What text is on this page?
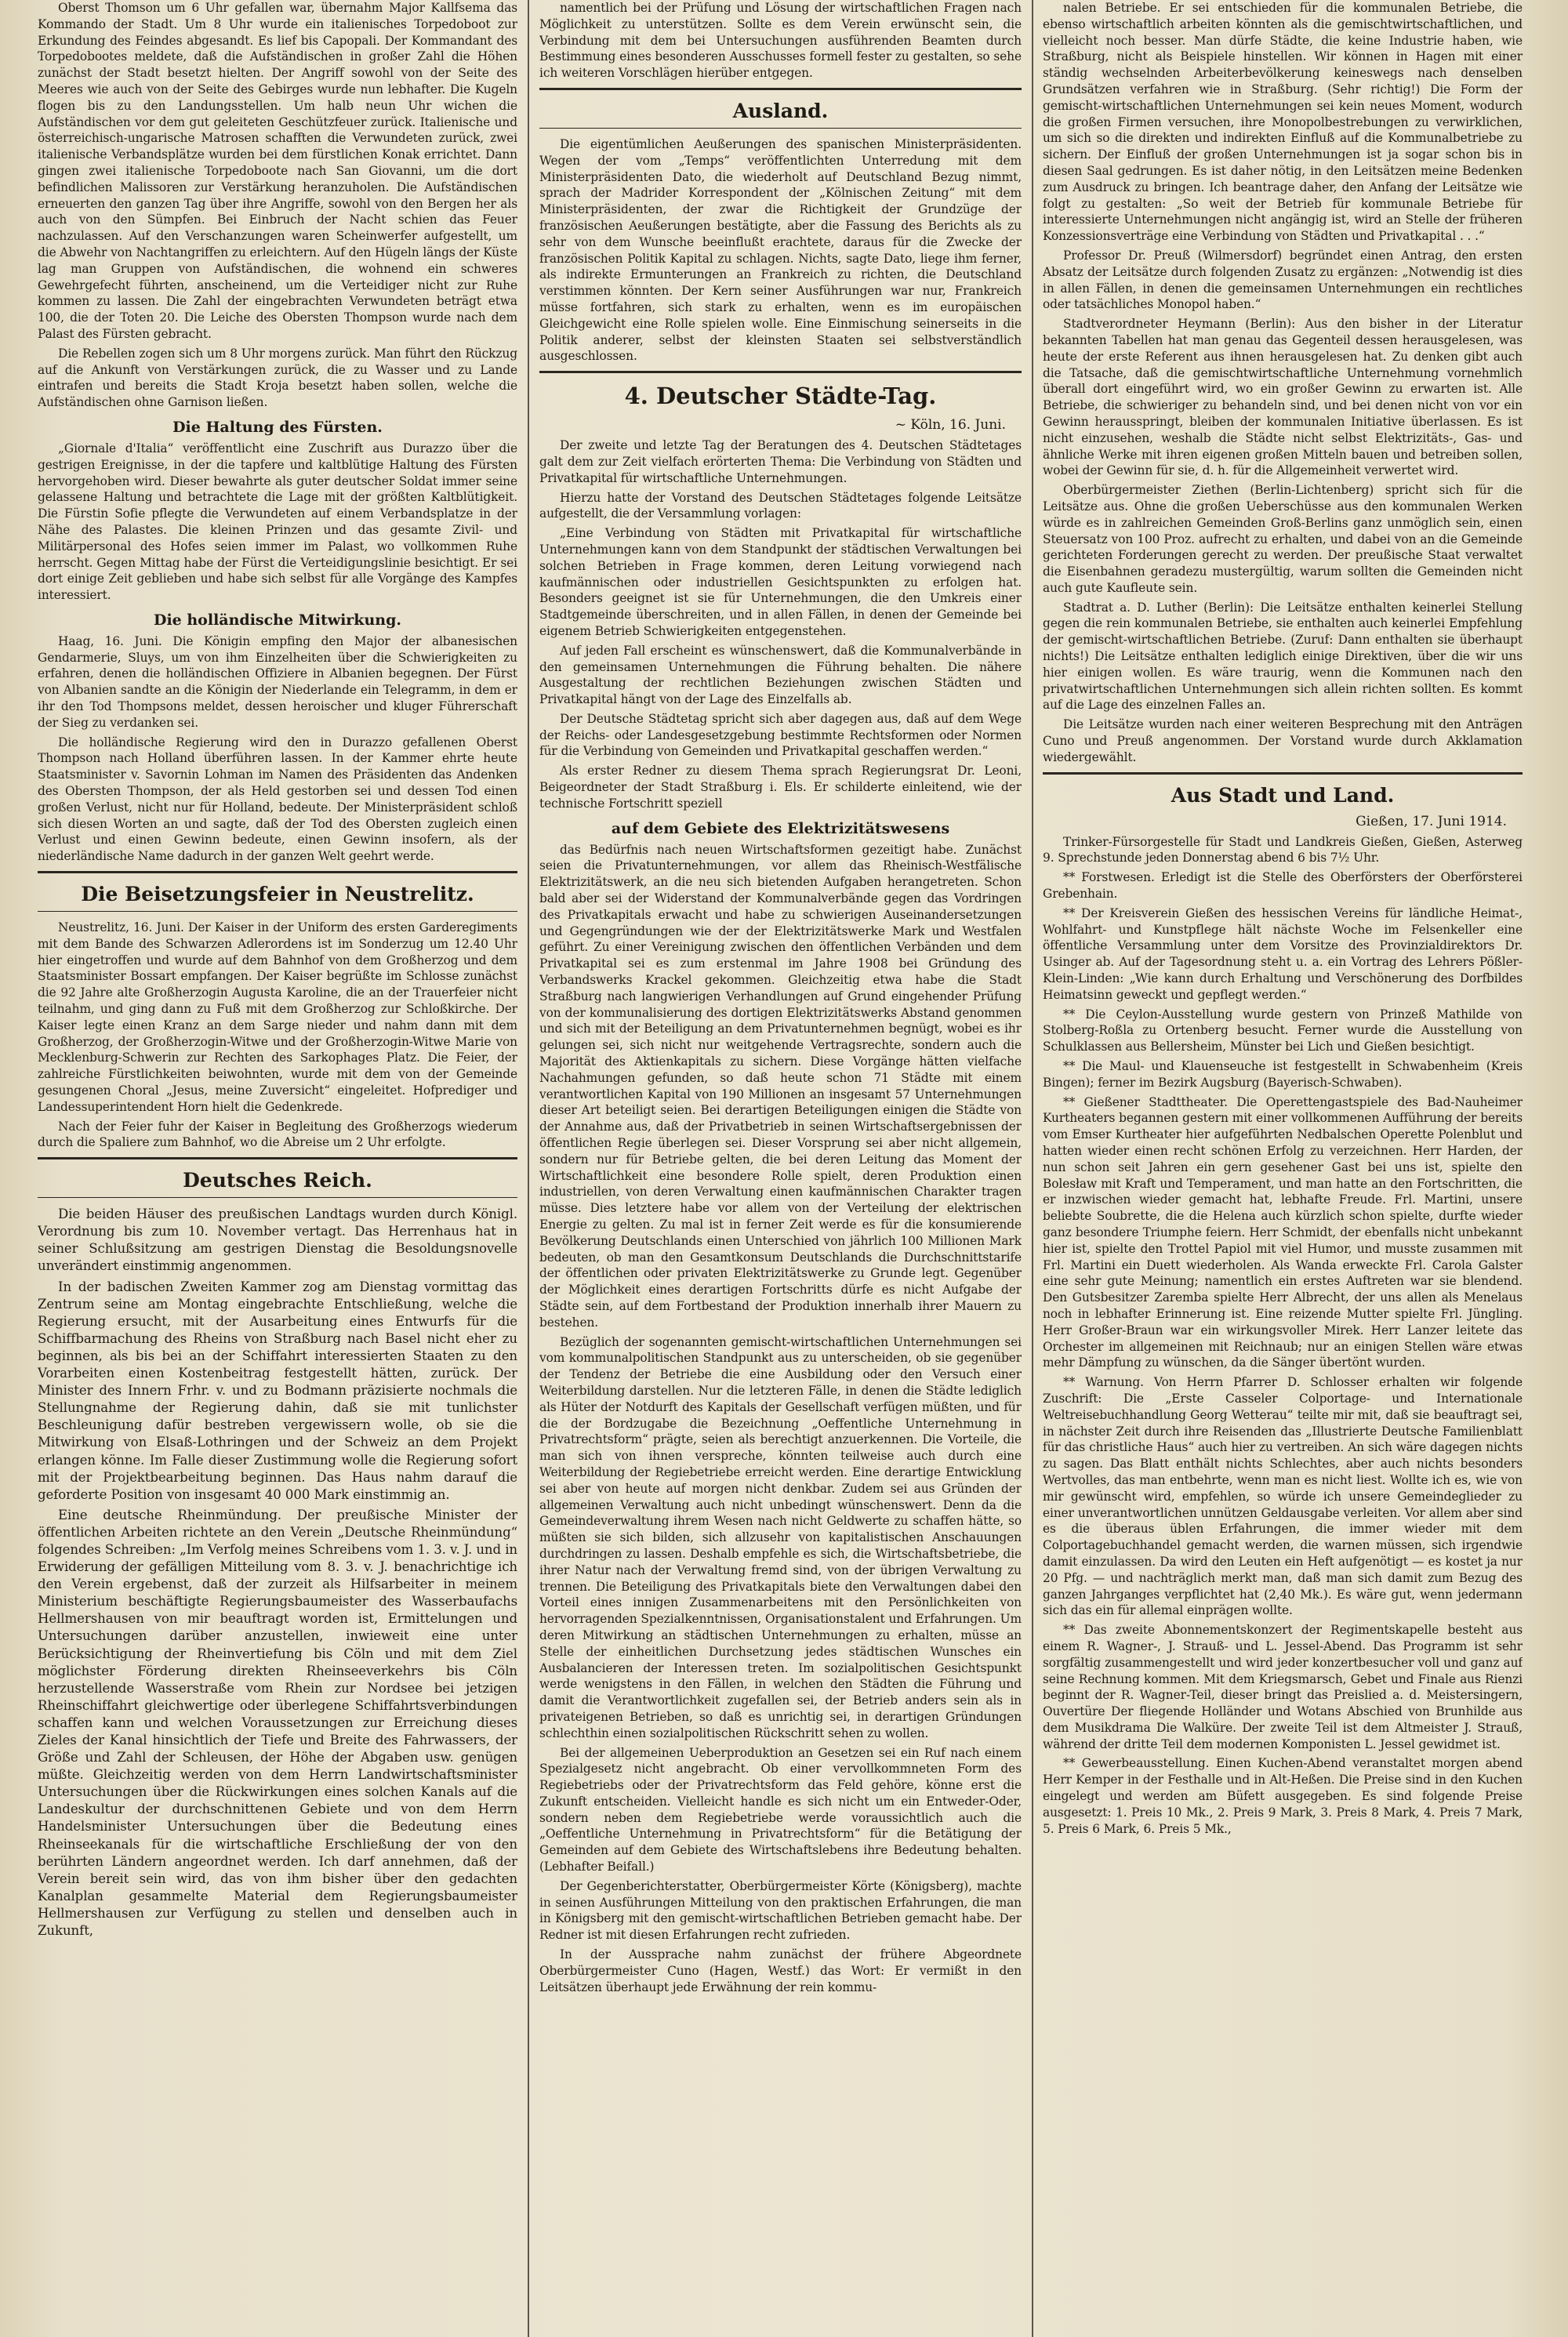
Oberst Thomson um 6 Uhr gefallen war, übernahm Major Kallfsema das Kommando der Stadt. Um 8 Uhr wurde ein italienisches Torpedoboot zur Erkundung des Feindes abgesandt. Es lief bis Capopali. Der Kommandant des Torpedobootes meldete, daß die Aufständischen in großer Zahl die Höhen zunächst der Stadt besetzt hielten. Der Angriff sowohl von der Seite des Meeres wie auch von der Seite des Gebirges wurde nun lebhafter. Die Kugeln flogen bis zu den Landungsstellen. Um halb neun Uhr wichen die Aufständischen vor dem gut geleiteten Geschützfeuer zurück. Italienische und österreichisch-ungarische Matrosen schafften die Verwundeten zurück, zwei italienische Verbandsplätze wurden bei dem fürstlichen Konak errichtet. Dann gingen zwei italienische Torpedoboote nach San Giovanni, um die dort befindlichen Malissoren zur Verstärkung heranzuholen. Die Aufständischen erneuerten den ganzen Tag über ihre Angriffe, sowohl von den Bergen her als auch von den Sümpfen. Bei Einbruch der Nacht schien das Feuer nachzulassen. Auf den Verschanzungen waren Scheinwerfer aufgestellt, um die Abwehr von Nachtangriffen zu erleichtern. Auf den Hügeln längs der Küste lag man Gruppen von Aufständischen, die wohnend ein schweres Gewehrgefecht führten, anscheinend, um die Verteidiger nicht zur Ruhe kommen zu lassen. Die Zahl der eingebrachten Verwundeten beträgt etwa 100, die der Toten 20. Die Leiche des Obersten Thompson wurde nach dem Palast des Fürsten gebracht.

Die Rebellen zogen sich um 8 Uhr morgens zurück. Man führt den Rückzug auf die Ankunft von Verstärkungen zurück, die zu Wasser und zu Lande eintrafen und bereits die Stadt Kroja besetzt haben sollen, welche die Aufständischen ohne Garnison ließen.

Die Haltung des Fürsten.

„Giornale d'Italia“ veröffentlicht eine Zuschrift aus Durazzo über die gestrigen Ereignisse, in der die tapfere und kaltblütige Haltung des Fürsten hervorgehoben wird. Dieser bewahrte als guter deutscher Soldat immer seine gelassene Haltung und betrachtete die Lage mit der größten Kaltblütigkeit. Die Fürstin Sofie pflegte die Verwundeten auf einem Verbandsplatze in der Nähe des Palastes. Die kleinen Prinzen und das gesamte Zivil- und Militärpersonal des Hofes seien immer im Palast, wo vollkommen Ruhe herrscht. Gegen Mittag habe der Fürst die Verteidigungslinie besichtigt. Er sei dort einige Zeit geblieben und habe sich selbst für alle Vorgänge des Kampfes interessiert.

Die holländische Mitwirkung.

Haag, 16. Juni. Die Königin empfing den Major der albanesischen Gendarmerie, Sluys, um von ihm Einzelheiten über die Schwierigkeiten zu erfahren, denen die holländischen Offiziere in Albanien begegnen. Der Fürst von Albanien sandte an die Königin der Niederlande ein Telegramm, in dem er ihr den Tod Thompsons meldet, dessen heroischer und kluger Führerschaft der Sieg zu verdanken sei.

Die holländische Regierung wird den in Durazzo gefallenen Oberst Thompson nach Holland überführen lassen. In der Kammer ehrte heute Staatsminister v. Savornin Lohman im Namen des Präsidenten das Andenken des Obersten Thompson, der als Held gestorben sei und dessen Tod einen großen Verlust, nicht nur für Holland, bedeute. Der Ministerpräsident schloß sich diesen Worten an und sagte, daß der Tod des Obersten zugleich einen Verlust und einen Gewinn bedeute, einen Gewinn insofern, als der niederländische Name dadurch in der ganzen Welt geehrt werde.

Die Beisetzungsfeier in Neustrelitz.

Neustrelitz, 16. Juni. Der Kaiser in der Uniform des ersten Garderegiments mit dem Bande des Schwarzen Adlerordens ist im Sonderzug um 12.40 Uhr hier eingetroffen und wurde auf dem Bahnhof von dem Großherzog und dem Staatsminister Bossart empfangen. Der Kaiser begrüßte im Schlosse zunächst die 92 Jahre alte Großherzogin Augusta Karoline, die an der Trauerfeier nicht teilnahm, und ging dann zu Fuß mit dem Großherzog zur Schloßkirche. Der Kaiser legte einen Kranz an dem Sarge nieder und nahm dann mit dem Großherzog, der Großherzogin-Witwe und der Großherzogin-Witwe Marie von Mecklenburg-Schwerin zur Rechten des Sarkophages Platz. Die Feier, der zahlreiche Fürstlichkeiten beiwohnten, wurde mit dem von der Gemeinde gesungenen Choral „Jesus, meine Zuversicht“ eingeleitet. Hofprediger und Landessuperintendent Horn hielt die Gedenkrede.

Nach der Feier fuhr der Kaiser in Begleitung des Großherzogs wiederum durch die Spaliere zum Bahnhof, wo die Abreise um 2 Uhr erfolgte.

Deutsches Reich.

Die beiden Häuser des preußischen Landtags wurden durch Königl. Verordnung bis zum 10. November vertagt. Das Herrenhaus hat in seiner Schlußsitzung am gestrigen Dienstag die Besoldungsnovelle unverändert einstimmig angenommen.

In der badischen Zweiten Kammer zog am Dienstag vormittag das Zentrum seine am Montag eingebrachte Entschließung, welche die Regierung ersucht, mit der Ausarbeitung eines Entwurfs für die Schiffbarmachung des Rheins von Straßburg nach Basel nicht eher zu beginnen, als bis bei an der Schiffahrt interessierten Staaten zu den Vorarbeiten einen Kostenbeitrag festgestellt hätten, zurück. Der Minister des Innern Frhr. v. und zu Bodmann präzisierte nochmals die Stellungnahme der Regierung dahin, daß sie mit tunlichster Beschleunigung dafür bestreben vergewissern wolle, ob sie die Mitwirkung von Elsaß-Lothringen und der Schweiz an dem Projekt erlangen könne. Im Falle dieser Zustimmung wolle die Regierung sofort mit der Projektbearbeitung beginnen. Das Haus nahm darauf die geforderte Position von insgesamt 40 000 Mark einstimmig an.

Eine deutsche Rheinmündung. Der preußische Minister der öffentlichen Arbeiten richtete an den Verein „Deutsche Rheinmündung“ folgendes Schreiben: „Im Verfolg meines Schreibens vom 1. 3. v. J. und in Erwiderung der gefälligen Mitteilung vom 8. 3. v. J. benachrichtige ich den Verein ergebenst, daß der zurzeit als Hilfsarbeiter in meinem Ministerium beschäftigte Regierungsbaumeister des Wasserbaufachs Hellmershausen von mir beauftragt worden ist, Ermittelungen und Untersuchungen darüber anzustellen, inwieweit eine unter Berücksichtigung der Rheinvertiefung bis Cöln und mit dem Ziel möglichster Förderung direkten Rheinseeverkehrs bis Cöln herzustellende Wasserstraße vom Rhein zur Nordsee bei jetzigen Rheinschiffahrt gleichwertige oder überlegene Schiffahrtsverbindungen schaffen kann und welchen Voraussetzungen zur Erreichung dieses Zieles der Kanal hinsichtlich der Tiefe und Breite des Fahrwassers, der Größe und Zahl der Schleusen, der Höhe der Abgaben usw. genügen müßte. Gleichzeitig werden von dem Herrn Landwirtschaftsminister Untersuchungen über die Rückwirkungen eines solchen Kanals auf die Landeskultur der durchschnittenen Gebiete und von dem Herrn Handelsminister Untersuchungen über die Bedeutung eines Rheinseekanals für die wirtschaftliche Erschließung der von den berührten Ländern angeordnet werden. Ich darf annehmen, daß der Verein bereit sein wird, das von ihm bisher über den gedachten Kanalplan gesammelte Material dem Regierungsbaumeister Hellmershausen zur Verfügung zu stellen und denselben auch in Zukunft,

namentlich bei der Prüfung und Lösung der wirtschaftlichen Fragen nach Möglichkeit zu unterstützen. Sollte es dem Verein erwünscht sein, die Verbindung mit dem bei Untersuchungen ausführenden Beamten durch Bestimmung eines besonderen Ausschusses formell fester zu gestalten, so sehe ich weiteren Vorschlägen hierüber entgegen.

Ausland.

Die eigentümlichen Aeußerungen des spanischen Ministerpräsidenten. Wegen der vom „Temps“ veröffentlichten Unterredung mit dem Ministerpräsidenten Dato, die wiederholt auf Deutschland Bezug nimmt, sprach der Madrider Korrespondent der „Kölnischen Zeitung“ mit dem Ministerpräsidenten, der zwar die Richtigkeit der Grundzüge der französischen Aeußerungen bestätigte, aber die Fassung des Berichts als zu sehr von dem Wunsche beeinflußt erachtete, daraus für die Zwecke der französischen Politik Kapital zu schlagen. Nichts, sagte Dato, liege ihm ferner, als indirekte Ermunterungen an Frankreich zu richten, die Deutschland verstimmen könnten. Der Kern seiner Ausführungen war nur, Frankreich müsse fortfahren, sich stark zu erhalten, wenn es im europäischen Gleichgewicht eine Rolle spielen wolle. Eine Einmischung seinerseits in die Politik anderer, selbst der kleinsten Staaten sei selbstverständlich ausgeschlossen.

4. Deutscher Städte-Tag.
~ Köln, 16. Juni.

Der zweite und letzte Tag der Beratungen des 4. Deutschen Städtetages galt dem zur Zeit vielfach erörterten Thema: Die Verbindung von Städten und Privatkapital für wirtschaftliche Unternehmungen.

Hierzu hatte der Vorstand des Deutschen Städtetages folgende Leitsätze aufgestellt, die der Versammlung vorlagen:

„Eine Verbindung von Städten mit Privatkapital für wirtschaftliche Unternehmungen kann von dem Standpunkt der städtischen Verwaltungen bei solchen Betrieben in Frage kommen, deren Leitung vorwiegend nach kaufmännischen oder industriellen Gesichtspunkten zu erfolgen hat. Besonders geeignet ist sie für Unternehmungen, die den Umkreis einer Stadtgemeinde überschreiten, und in allen Fällen, in denen der Gemeinde bei eigenem Betrieb Schwierigkeiten entgegenstehen.

Auf jeden Fall erscheint es wünschenswert, daß die Kommunalverbände in den gemeinsamen Unternehmungen die Führung behalten. Die nähere Ausgestaltung der rechtlichen Beziehungen zwischen Städten und Privatkapital hängt von der Lage des Einzelfalls ab.

Der Deutsche Städtetag spricht sich aber dagegen aus, daß auf dem Wege der Reichs- oder Landesgesetzgebung bestimmte Rechtsformen oder Normen für die Verbindung von Gemeinden und Privatkapital geschaffen werden.“

Als erster Redner zu diesem Thema sprach Regierungsrat Dr. Leoni, Beigeordneter der Stadt Straßburg i. Els. Er schilderte einleitend, wie der technische Fortschritt speziell

auf dem Gebiete des Elektrizitätswesens

das Bedürfnis nach neuen Wirtschaftsformen gezeitigt habe. Zunächst seien die Privatunternehmungen, vor allem das Rheinisch-Westfälische Elektrizitätswerk, an die neu sich bietenden Aufgaben herangetreten. Schon bald aber sei der Widerstand der Kommunalverbände gegen das Vordringen des Privatkapitals erwacht und habe zu schwierigen Auseinandersetzungen und Gegengründungen wie der der Elektrizitätswerke Mark und Westfalen geführt. Zu einer Vereinigung zwischen den öffentlichen Verbänden und dem Privatkapital sei es zum erstenmal im Jahre 1908 bei Gründung des Verbandswerks Krackel gekommen. Gleichzeitig etwa habe die Stadt Straßburg nach langwierigen Verhandlungen auf Grund eingehender Prüfung von der kommunalisierung des dortigen Elektrizitätswerks Abstand genommen und sich mit der Beteiligung an dem Privatunternehmen begnügt, wobei es ihr gelungen sei, sich nicht nur weitgehende Vertragsrechte, sondern auch die Majorität des Aktienkapitals zu sichern. Diese Vorgänge hätten vielfache Nachahmungen gefunden, so daß heute schon 71 Städte mit einem verantwortlichen Kapital von 190 Millionen an insgesamt 57 Unternehmungen dieser Art beteiligt seien. Bei derartigen Beteiligungen einigen die Städte von der Annahme aus, daß der Privatbetrieb in seinen Wirtschaftsergebnissen der öffentlichen Regie überlegen sei. Dieser Vorsprung sei aber nicht allgemein, sondern nur für Betriebe gelten, die bei deren Leitung das Moment der Wirtschaftlichkeit eine besondere Rolle spielt, deren Produktion einen industriellen, von deren Verwaltung einen kaufmännischen Charakter tragen müsse. Dies letztere habe vor allem von der Verteilung der elektrischen Energie zu gelten. Zu mal ist in ferner Zeit werde es für die konsumierende Bevölkerung Deutschlands einen Unterschied von jährlich 100 Millionen Mark bedeuten, ob man den Gesamtkonsum Deutschlands die Durchschnittstarife der öffentlichen oder privaten Elektrizitätswerke zu Grunde legt. Gegenüber der Möglichkeit eines derartigen Fortschritts dürfe es nicht Aufgabe der Städte sein, auf dem Fortbestand der Produktion innerhalb ihrer Mauern zu bestehen.

Bezüglich der sogenannten gemischt-wirtschaftlichen Unternehmungen sei vom kommunalpolitischen Standpunkt aus zu unterscheiden, ob sie gegenüber der Tendenz der Betriebe die eine Ausbildung oder den Versuch einer Weiterbildung darstellen. Nur die letzteren Fälle, in denen die Städte lediglich als Hüter der Notdurft des Kapitals der Gesellschaft verfügen müßten, und für die der Bordzugabe die Bezeichnung „Oeffentliche Unternehmung in Privatrechtsform“ prägte, seien als berechtigt anzuerkennen. Die Vorteile, die man sich von ihnen verspreche, könnten teilweise auch durch eine Weiterbildung der Regiebetriebe erreicht werden. Eine derartige Entwicklung sei aber von heute auf morgen nicht denkbar. Zudem sei aus Gründen der allgemeinen Verwaltung auch nicht unbedingt wünschenswert. Denn da die Gemeindeverwaltung ihrem Wesen nach nicht Geldwerte zu schaffen hätte, so müßten sie sich bilden, sich allzusehr von kapitalistischen Anschauungen durchdringen zu lassen. Deshalb empfehle es sich, die Wirtschaftsbetriebe, die ihrer Natur nach der Verwaltung fremd sind, von der übrigen Verwaltung zu trennen. Die Beteiligung des Privatkapitals biete den Verwaltungen dabei den Vorteil eines innigen Zusammenarbeitens mit den Persönlichkeiten von hervorragenden Spezialkenntnissen, Organisationstalent und Erfahrungen. Um deren Mitwirkung an städtischen Unternehmungen zu erhalten, müsse an Stelle der einheitlichen Durchsetzung jedes städtischen Wunsches ein Ausbalancieren der Interessen treten. Im sozialpolitischen Gesichtspunkt werde wenigstens in den Fällen, in welchen den Städten die Führung und damit die Verantwortlichkeit zugefallen sei, der Betrieb anders sein als in privateigenen Betrieben, so daß es unrichtig sei, in derartigen Gründungen schlechthin einen sozialpolitischen Rückschritt sehen zu wollen.

Bei der allgemeinen Ueberproduktion an Gesetzen sei ein Ruf nach einem Spezialgesetz nicht angebracht. Ob einer vervollkommneten Form des Regiebetriebs oder der Privatrechtsform das Feld gehöre, könne erst die Zukunft entscheiden. Vielleicht handle es sich nicht um ein Entweder-Oder, sondern neben dem Regiebetriebe werde voraussichtlich auch die „Oeffentliche Unternehmung in Privatrechtsform“ für die Betätigung der Gemeinden auf dem Gebiete des Wirtschaftslebens ihre Bedeutung behalten. (Lebhafter Beifall.)

Der Gegenberichterstatter, Oberbürgermeister Körte (Königsberg), machte in seinen Ausführungen Mitteilung von den praktischen Erfahrungen, die man in Königsberg mit den gemischt-wirtschaftlichen Betrieben gemacht habe. Der Redner ist mit diesen Erfahrungen recht zufrieden.

In der Aussprache nahm zunächst der frühere Abgeordnete Oberbürgermeister Cuno (Hagen, Westf.) das Wort: Er vermißt in den Leitsätzen überhaupt jede Erwähnung der rein kommu-

nalen Betriebe. Er sei entschieden für die kommunalen Betriebe, die ebenso wirtschaftlich arbeiten könnten als die gemischtwirtschaftlichen, und vielleicht noch besser. Man dürfe Städte, die keine Industrie haben, wie Straßburg, nicht als Beispiele hinstellen. Wir können in Hagen mit einer ständig wechselnden Arbeiterbevölkerung keineswegs nach denselben Grundsätzen verfahren wie in Straßburg. (Sehr richtig!) Die Form der gemischt-wirtschaftlichen Unternehmungen sei kein neues Moment, wodurch die großen Firmen versuchen, ihre Monopolbestrebungen zu verwirklichen, um sich so die direkten und indirekten Einfluß auf die Kommunalbetriebe zu sichern. Der Einfluß der großen Unternehmungen ist ja sogar schon bis in diesen Saal gedrungen. Es ist daher nötig, in den Leitsätzen meine Bedenken zum Ausdruck zu bringen. Ich beantrage daher, den Anfang der Leitsätze wie folgt zu gestalten: „So weit der Betrieb für kommunale Betriebe für interessierte Unternehmungen nicht angängig ist, wird an Stelle der früheren Konzessionsverträge eine Verbindung von Städten und Privatkapital . . .“

Professor Dr. Preuß (Wilmersdorf) begründet einen Antrag, den ersten Absatz der Leitsätze durch folgenden Zusatz zu ergänzen: „Notwendig ist dies in allen Fällen, in denen die gemeinsamen Unternehmungen ein rechtliches oder tatsächliches Monopol haben.“

Stadtverordneter Heymann (Berlin): Aus den bisher in der Literatur bekannten Tabellen hat man genau das Gegenteil dessen herausgelesen, was heute der erste Referent aus ihnen herausgelesen hat. Zu denken gibt auch die Tatsache, daß die gemischtwirtschaftliche Unternehmung vornehmlich überall dort eingeführt wird, wo ein großer Gewinn zu erwarten ist. Alle Betriebe, die schwieriger zu behandeln sind, und bei denen nicht von vor ein Gewinn herausspringt, bleiben der kommunalen Initiative überlassen. Es ist nicht einzusehen, weshalb die Städte nicht selbst Elektrizitäts-, Gas- und ähnliche Werke mit ihren eigenen großen Mitteln bauen und betreiben sollen, wobei der Gewinn für sie, d. h. für die Allgemeinheit verwertet wird.

Oberbürgermeister Ziethen (Berlin-Lichtenberg) spricht sich für die Leitsätze aus. Ohne die großen Ueberschüsse aus den kommunalen Werken würde es in zahlreichen Gemeinden Groß-Berlins ganz unmöglich sein, einen Steuersatz von 100 Proz. aufrecht zu erhalten, und dabei von an die Gemeinde gerichteten Forderungen gerecht zu werden. Der preußische Staat verwaltet die Eisenbahnen geradezu mustergültig, warum sollten die Gemeinden nicht auch gute Kaufleute sein.

Stadtrat a. D. Luther (Berlin): Die Leitsätze enthalten keinerlei Stellung gegen die rein kommunalen Betriebe, sie enthalten auch keinerlei Empfehlung der gemischt-wirtschaftlichen Betriebe. (Zuruf: Dann enthalten sie überhaupt nichts!) Die Leitsätze enthalten lediglich einige Direktiven, über die wir uns hier einigen wollen. Es wäre traurig, wenn die Kommunen nach den privatwirtschaftlichen Unternehmungen sich allein richten sollten. Es kommt auf die Lage des einzelnen Falles an.

Die Leitsätze wurden nach einer weiteren Besprechung mit den Anträgen Cuno und Preuß angenommen. Der Vorstand wurde durch Akklamation wiedergewählt.

Aus Stadt und Land.
Gießen, 17. Juni 1914.

Trinker-Fürsorgestelle für Stadt und Landkreis Gießen, Gießen, Asterweg 9. Sprechstunde jeden Donnerstag abend 6 bis 7½ Uhr.

** Forstwesen. Erledigt ist die Stelle des Oberförsters der Oberförsterei Grebenhain.

** Der Kreisverein Gießen des hessischen Vereins für ländliche Heimat-, Wohlfahrt- und Kunstpflege hält nächste Woche im Felsenkeller eine öffentliche Versammlung unter dem Vorsitze des Provinzialdirektors Dr. Usinger ab. Auf der Tagesordnung steht u. a. ein Vortrag des Lehrers Pößler-Klein-Linden: „Wie kann durch Erhaltung und Verschönerung des Dorfbildes Heimatsinn geweckt und gepflegt werden.“

** Die Ceylon-Ausstellung wurde gestern von Prinzeß Mathilde von Stolberg-Roßla zu Ortenberg besucht. Ferner wurde die Ausstellung von Schulklassen aus Bellersheim, Münster bei Lich und Gießen besichtigt.

** Die Maul- und Klauenseuche ist festgestellt in Schwabenheim (Kreis Bingen); ferner im Bezirk Augsburg (Bayerisch-Schwaben).

** Gießener Stadttheater. Die Operettengastspiele des Bad-Nauheimer Kurtheaters begannen gestern mit einer vollkommenen Aufführung der bereits vom Emser Kurtheater hier aufgeführten Nedbalschen Operette Polenblut und hatten wieder einen recht schönen Erfolg zu verzeichnen. Herr Harden, der nun schon seit Jahren ein gern gesehener Gast bei uns ist, spielte den Bolesław mit Kraft und Temperament, und man hatte an den Fortschritten, die er inzwischen wieder gemacht hat, lebhafte Freude. Frl. Martini, unsere beliebte Soubrette, die die Helena auch kürzlich schon spielte, durfte wieder ganz besondere Triumphe feiern. Herr Schmidt, der ebenfalls nicht unbekannt hier ist, spielte den Trottel Papiol mit viel Humor, und musste zusammen mit Frl. Martini ein Duett wiederholen. Als Wanda erweckte Frl. Carola Galster eine sehr gute Meinung; namentlich ein erstes Auftreten war sie blendend. Den Gutsbesitzer Zaremba spielte Herr Albrecht, der uns allen als Menelaus noch in lebhafter Erinnerung ist. Eine reizende Mutter spielte Frl. Jüngling. Herr Großer-Braun war ein wirkungsvoller Mirek. Herr Lanzer leitete das Orchester im allgemeinen mit Reichnaub; nur an einigen Stellen wäre etwas mehr Dämpfung zu wünschen, da die Sänger übertönt wurden.

** Warnung. Von Herrn Pfarrer D. Schlosser erhalten wir folgende Zuschrift: Die „Erste Casseler Colportage- und Internationale Weltreisebuchhandlung Georg Wetterau“ teilte mir mit, daß sie beauftragt sei, in nächster Zeit durch ihre Reisenden das „Illustrierte Deutsche Familienblatt für das christliche Haus“ auch hier zu vertreiben. An sich wäre dagegen nichts zu sagen. Das Blatt enthält nichts Schlechtes, aber auch nichts besonders Wertvolles, das man entbehrte, wenn man es nicht liest. Wollte ich es, wie von mir gewünscht wird, empfehlen, so würde ich unsere Gemeindeglieder zu einer unverantwortlichen unnützen Geldausgabe verleiten. Vor allem aber sind es die überaus üblen Erfahrungen, die immer wieder mit dem Colportagebuchhandel gemacht werden, die warnen müssen, sich irgendwie damit einzulassen. Da wird den Leuten ein Heft aufgenötigt — es kostet ja nur 20 Pfg. — und nachträglich merkt man, daß man sich damit zum Bezug des ganzen Jahrganges verpflichtet hat (2,40 Mk.). Es wäre gut, wenn jedermann sich das ein für allemal einprägen wollte.

** Das zweite Abonnementskonzert der Regimentskapelle besteht aus einem R. Wagner-, J. Strauß- und L. Jessel-Abend. Das Programm ist sehr sorgfältig zusammengestellt und wird jeder konzertbesucher voll und ganz auf seine Rechnung kommen. Mit dem Kriegsmarsch, Gebet und Finale aus Rienzi beginnt der R. Wagner-Teil, dieser bringt das Preislied a. d. Meistersingern, Ouvertüre Der fliegende Holländer und Wotans Abschied von Brunhilde aus dem Musikdrama Die Walküre. Der zweite Teil ist dem Altmeister J. Strauß, während der dritte Teil dem modernen Komponisten L. Jessel gewidmet ist.

** Gewerbeausstellung. Einen Kuchen-Abend veranstaltet morgen abend Herr Kemper in der Festhalle und in Alt-Heßen. Die Preise sind in den Kuchen eingelegt und werden am Büfett ausgegeben. Es sind folgende Preise ausgesetzt: 1. Preis 10 Mk., 2. Preis 9 Mark, 3. Preis 8 Mark, 4. Preis 7 Mark, 5. Preis 6 Mark, 6. Preis 5 Mk.,
